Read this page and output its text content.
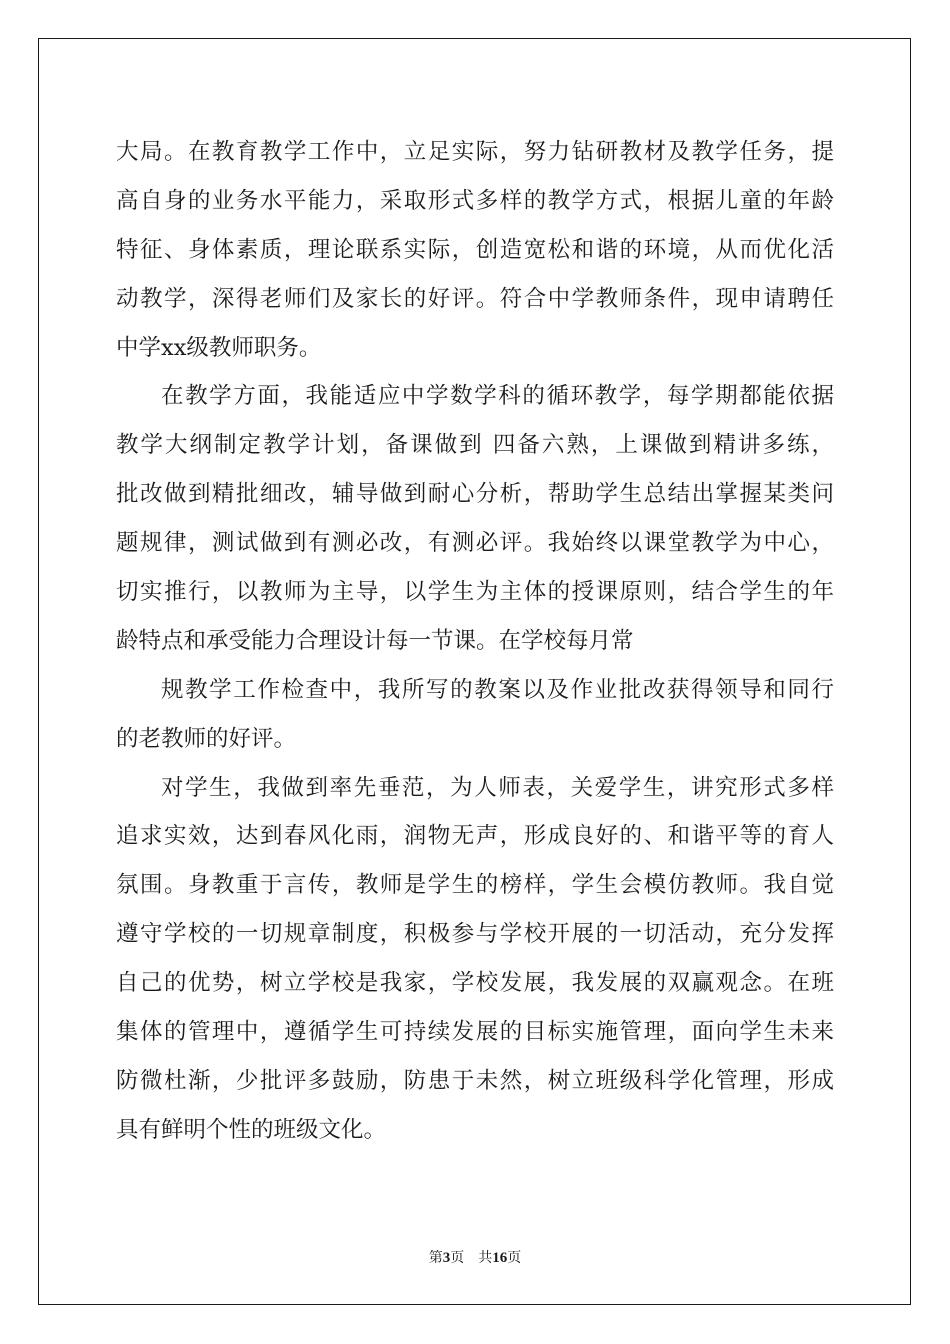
大局。在教育教学工作中，立足实际，努力钻研教材及教学任务，提

高自身的业务水平能力，采取形式多样的教学方式，根据儿童的年龄

特征、身体素质，理论联系实际，创造宽松和谐的环境，从而优化活

动教学，深得老师们及家长的好评。符合中学教师条件，现申请聘任

中学xx级教师职务。

在教学方面，我能适应中学数学科的循环教学，每学期都能依据

教学大纲制定教学计划，备课做到 四备六熟，上课做到精讲多练，

批改做到精批细改，辅导做到耐心分析，帮助学生总结出掌握某类问

题规律，测试做到有测必改，有测必评。我始终以课堂教学为中心，

切实推行，以教师为主导，以学生为主体的授课原则，结合学生的年

龄特点和承受能力合理设计每一节课。在学校每月常

规教学工作检查中，我所写的教案以及作业批改获得领导和同行

的老教师的好评。

对学生，我做到率先垂范，为人师表，关爱学生，讲究形式多样

追求实效，达到春风化雨，润物无声，形成良好的、和谐平等的育人

氛围。身教重于言传，教师是学生的榜样，学生会模仿教师。我自觉

遵守学校的一切规章制度，积极参与学校开展的一切活动，充分发挥

自己的优势，树立学校是我家，学校发展，我发展的双赢观念。在班

集体的管理中，遵循学生可持续发展的目标实施管理，面向学生未来

防微杜渐，少批评多鼓励，防患于未然，树立班级科学化管理，形成

具有鲜明个性的班级文化。

第3页 共16页
